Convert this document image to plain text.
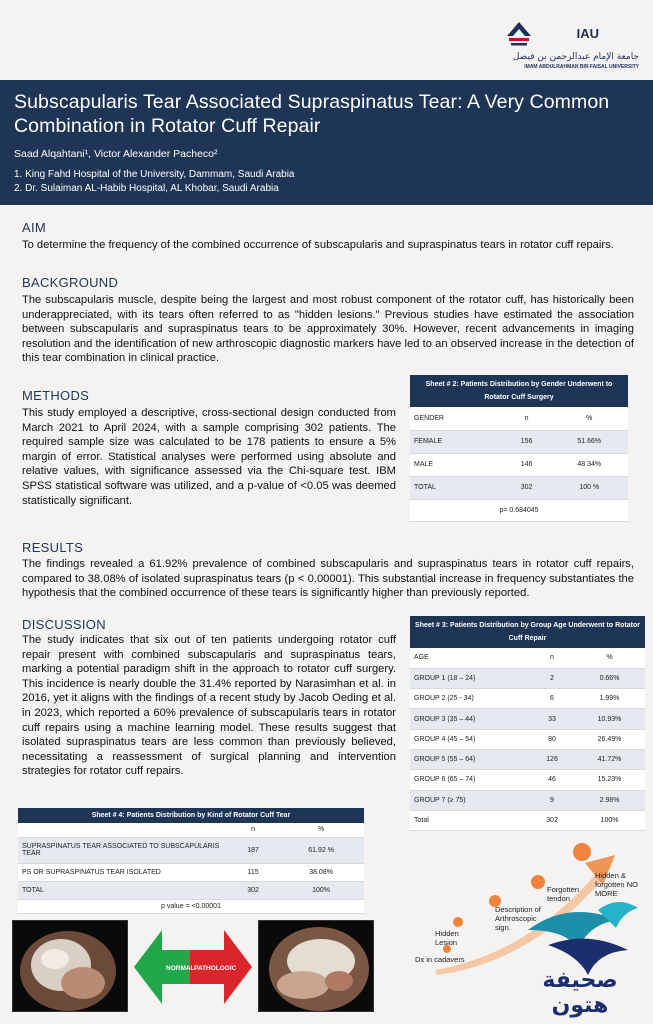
IAU
جامعة الإمام عبدالرحمن بن فيصل
IMAM ABDULRAHMAN BIN FAISAL UNIVERSITY
Subscapularis Tear Associated Supraspinatus Tear: A Very Common Combination in Rotator Cuff Repair
Saad Alqahtani¹, Victor Alexander Pacheco²
1. King Fahd Hospital of the University, Dammam, Saudi Arabia
2. Dr. Sulaiman AL-Habib Hospital, AL Khobar, Saudi Arabia
AIM
To determine the frequency of the combined occurrence of subscapularis and supraspinatus tears in rotator cuff repairs.
BACKGROUND
The subscapularis muscle, despite being the largest and most robust component of the rotator cuff, has historically been underappreciated, with its tears often referred to as "hidden lesions." Previous studies have estimated the association between subscapularis and supraspinatus tears to be approximately 30%. However, recent advancements in imaging resolution and the identification of new arthroscopic diagnostic markers have led to an observed increase in the detection of this tear combination in clinical practice.
METHODS
This study employed a descriptive, cross-sectional design conducted from March 2021 to April 2024, with a sample comprising 302 patients. The required sample size was calculated to be 178 patients to ensure a 5% margin of error. Statistical analyses were performed using absolute and relative values, with significance assessed via the Chi-square test. IBM SPSS statistical software was utilized, and a p-value of <0.05 was deemed statistically significant.
Sheet # 2: Patients Distribution by Gender Underwent to Rotator Cuff Surgery
GENDER	n	%
FEMALE	156	51.66%
MALE	146	48.34%
TOTAL	302	100 %
p= 0.684045		
RESULTS
The findings revealed a 61.92% prevalence of combined subscapularis and supraspinatus tears in rotator cuff repairs, compared to 38.08% of isolated supraspinatus tears (p < 0.00001). This substantial increase in frequency substantiates the hypothesis that the combined occurrence of these tears is significantly higher than previously reported.
DISCUSSION
The study indicates that six out of ten patients undergoing rotator cuff repair present with combined subscapularis and supraspinatus tears, marking a potential paradigm shift in the approach to rotator cuff surgery. This incidence is nearly double the 31.4% reported by Narasimhan et al. in 2016, yet it aligns with the findings of a recent study by Jacob Oeding et al. in 2023, which reported a 60% prevalence of subscapularis tears in rotator cuff repairs using a machine learning model. These results suggest that isolated supraspinatus tears are less common than previously believed, necessitating a reassessment of surgical planning and intervention strategies for rotator cuff repairs.
Sheet # 3: Patients Distribution by Group Age Underwent to Rotator Cuff Repair
AGE	n	%
GROUP 1 (18 – 24)	2	0.66%
GROUP 2 (25 - 34)	6	1.99%
GROUP 3 (35 – 44)	33	10.93%
GROUP 4 (45 – 54)	80	26.49%
GROUP 5 (55 – 64)	126	41.72%
GROUP 6 (65 – 74)	46	15.23%
GROUP 7 (≥ 75)	9	2.98%
Total	302	100%
Sheet # 4: Patients Distribution by Kind of Rotator Cuff Tear
	n	%
SUPRASPINATUS TEAR ASSOCIATED TO SUBSCAPULARIS TEAR	187	61.92 %
PS OR SUPRASPINATUS TEAR ISOLATED	115	38.08%
TOTAL	302	100%
p value = <0.00001		
NORMAL PATHOLOGIC
Dx in cadavers
Hidden Lesion
Description of Arthroscopic sign.
Forgotten tendon
Hidden & forgotten NO MORE
صحيفة هتون
